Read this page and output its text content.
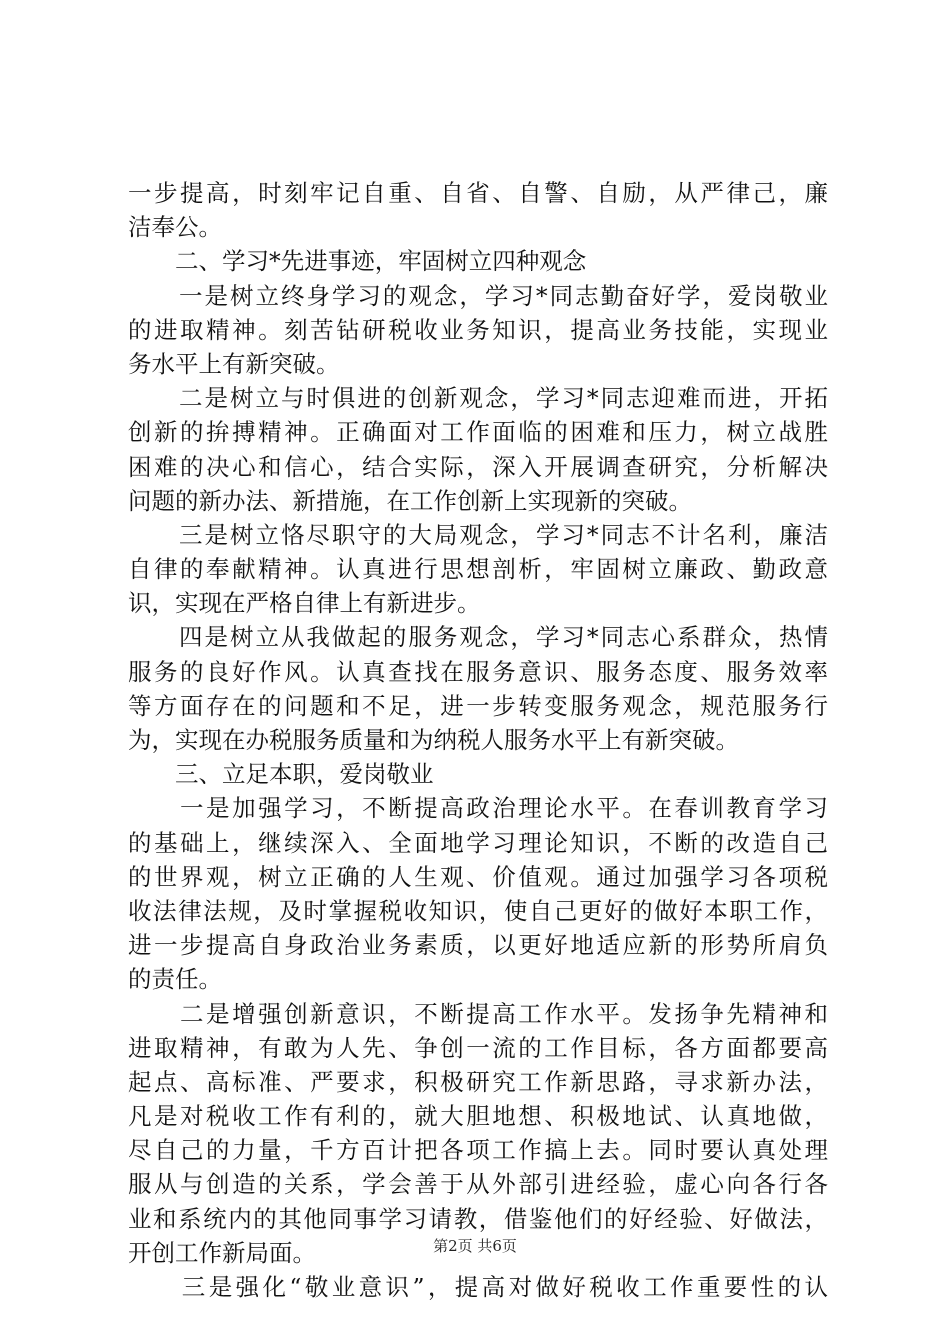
一步提高，时刻牢记自重、自省、自警、自励，从严律己，廉
洁奉公。
　　二、学习*先进事迹，牢固树立四种观念
　　一是树立终身学习的观念，学习*同志勤奋好学，爱岗敬业
的进取精神。刻苦钻研税收业务知识，提高业务技能，实现业
务水平上有新突破。
　　二是树立与时俱进的创新观念，学习*同志迎难而进，开拓
创新的拚搏精神。正确面对工作面临的困难和压力，树立战胜
困难的决心和信心，结合实际，深入开展调查研究，分析解决
问题的新办法、新措施，在工作创新上实现新的突破。
　　三是树立恪尽职守的大局观念，学习*同志不计名利，廉洁
自律的奉献精神。认真进行思想剖析，牢固树立廉政、勤政意
识，实现在严格自律上有新进步。
　　四是树立从我做起的服务观念，学习*同志心系群众，热情
服务的良好作风。认真查找在服务意识、服务态度、服务效率
等方面存在的问题和不足，进一步转变服务观念，规范服务行
为，实现在办税服务质量和为纳税人服务水平上有新突破。
　　三、立足本职，爱岗敬业
　　一是加强学习，不断提高政治理论水平。在春训教育学习
的基础上，继续深入、全面地学习理论知识，不断的改造自己
的世界观，树立正确的人生观、价值观。通过加强学习各项税
收法律法规，及时掌握税收知识，使自己更好的做好本职工作，
进一步提高自身政治业务素质，以更好地适应新的形势所肩负
的责任。
　　二是增强创新意识，不断提高工作水平。发扬争先精神和
进取精神，有敢为人先、争创一流的工作目标，各方面都要高
起点、高标准、严要求，积极研究工作新思路，寻求新办法，
凡是对税收工作有利的，就大胆地想、积极地试、认真地做，
尽自己的力量，千方百计把各项工作搞上去。同时要认真处理
服从与创造的关系，学会善于从外部引进经验，虚心向各行各
业和系统内的其他同事学习请教，借鉴他们的好经验、好做法，
开创工作新局面。
　　三是强化“敬业意识”，提高对做好税收工作重要性的认
第2页 共6页
